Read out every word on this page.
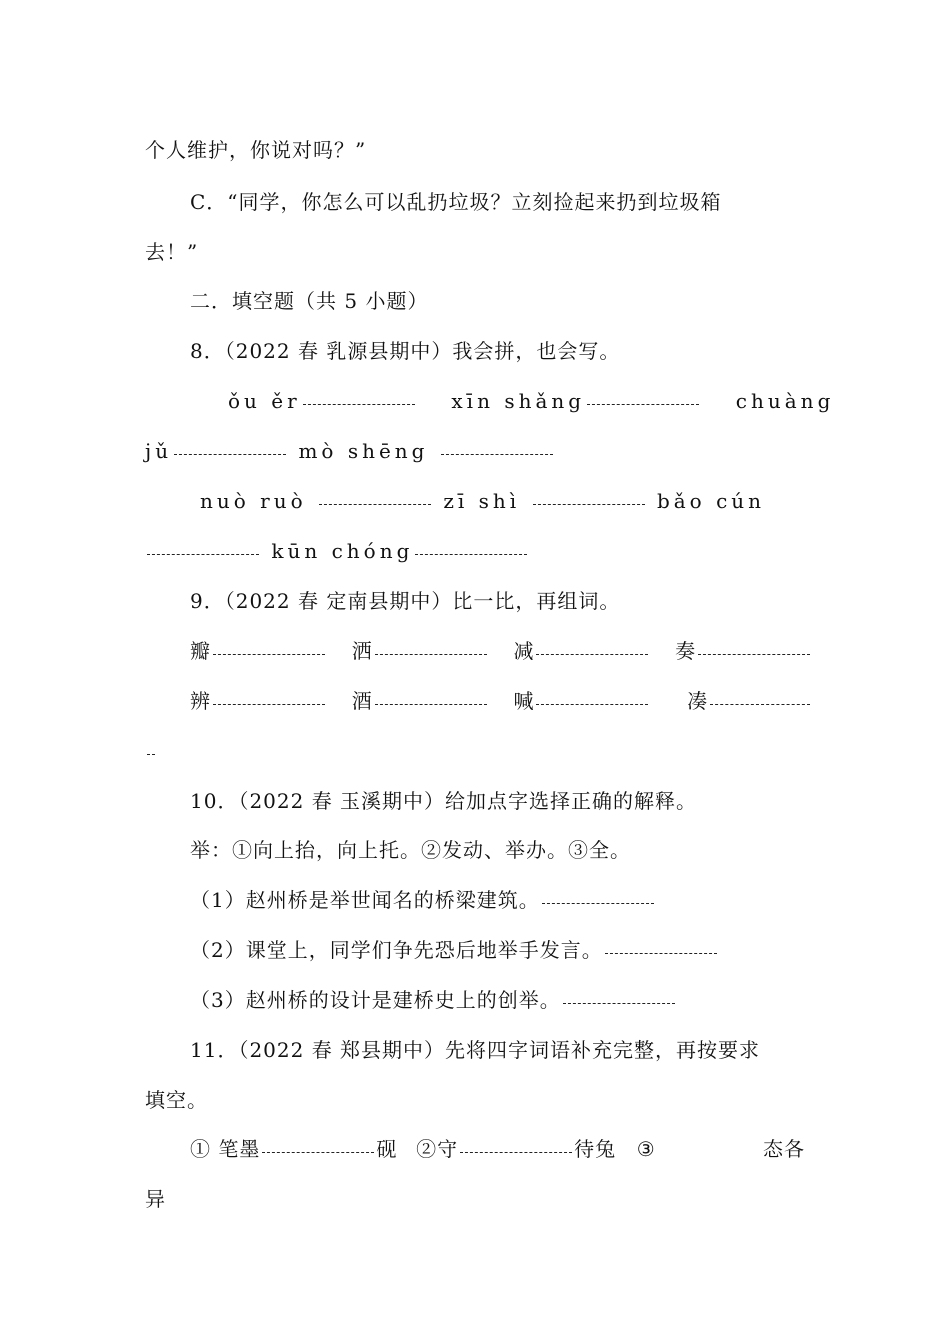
个人维护，你说对吗？”

C．“同学，你怎么可以乱扔垃圾？立刻捡起来扔到垃圾箱

去！”

二．填空题（共 5 小题）

8．（2022 春 乳源县期中）我会拼，也会写。

ǒu ěr	xīn shǎng	chuàng
jǔ	mò shēng
nuò ruò	zī shì	bǎo cún
kūn chóng

9．（2022 春 定南县期中）比一比，再组词。

瓣	洒	减	奏
辨	酒	喊	凑

10．（2022 春 玉溪期中）给加点字选择正确的解释。

举：①向上抬，向上托。②发动、举办。③全。

（1）赵州桥是举世闻名的桥梁建筑。
（2）课堂上，同学们争先恐后地举手发言。
（3）赵州桥的设计是建桥史上的创举。

11．（2022 春 郑县期中）先将四字词语补充完整，再按要求

填空。

① 笔墨	砚 ②守	待兔 ③	态各

异
